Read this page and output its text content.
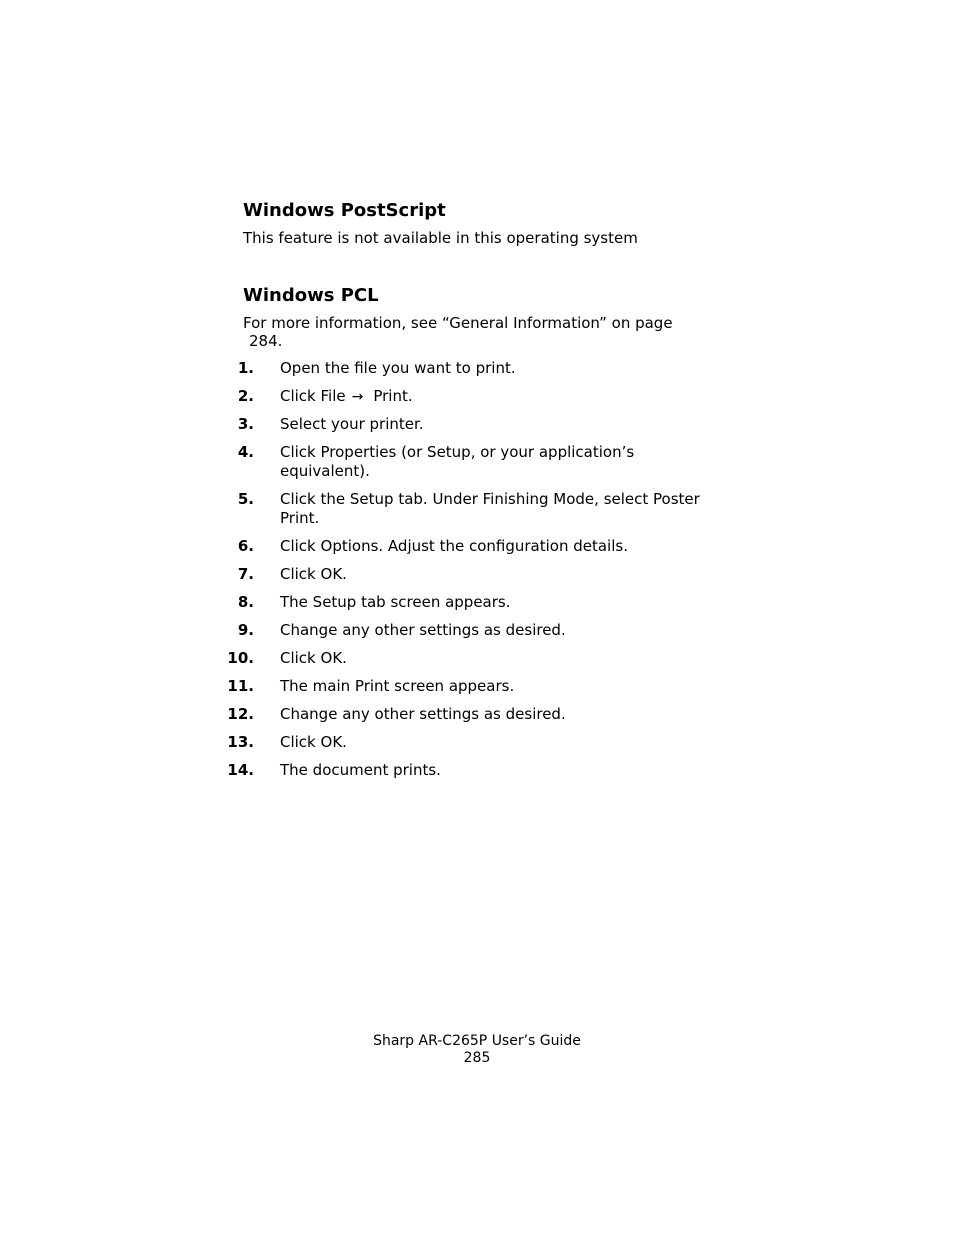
Windows PostScript

This feature is not available in this operating system

Windows PCL

For more information, see “General Information” on page
284.

1. Open the file you want to print.
2. Click File → Print.
3. Select your printer.
4. Click Properties (or Setup, or your application’s equivalent).
5. Click the Setup tab. Under Finishing Mode, select Poster Print.
6. Click Options. Adjust the configuration details.
7. Click OK.
8. The Setup tab screen appears.
9. Change any other settings as desired.
10. Click OK.
11. The main Print screen appears.
12. Change any other settings as desired.
13. Click OK.
14. The document prints.

Sharp AR-C265P User’s Guide

285
